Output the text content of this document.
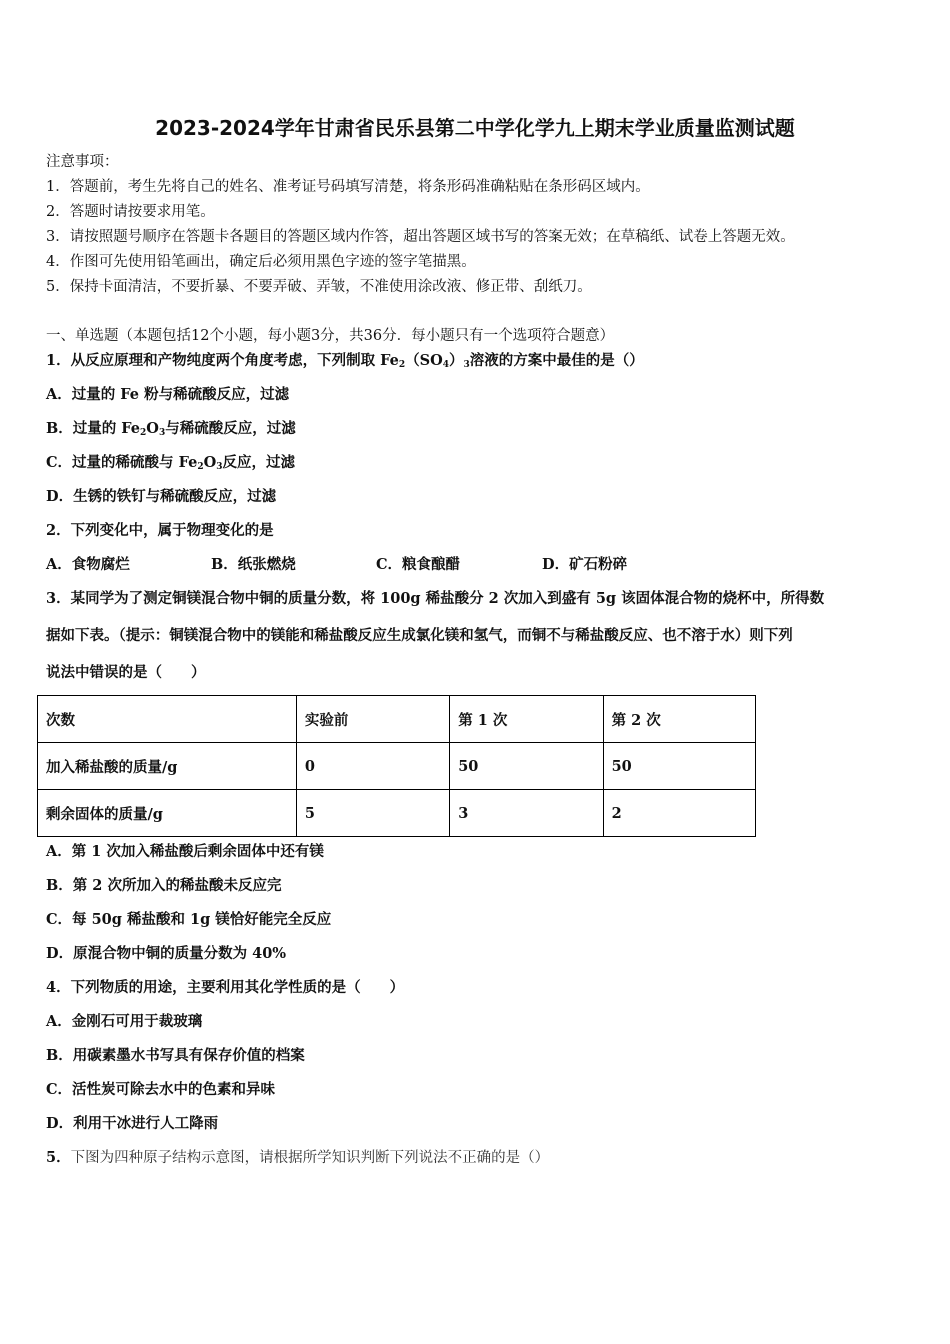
2023-2024学年甘肃省民乐县第二中学化学九上期末学业质量监测试题
注意事项：
1．答题前，考生先将自己的姓名、准考证号码填写清楚，将条形码准确粘贴在条形码区域内。
2．答题时请按要求用笔。
3．请按照题号顺序在答题卡各题目的答题区域内作答，超出答题区域书写的答案无效；在草稿纸、试卷上答题无效。
4．作图可先使用铅笔画出，确定后必须用黑色字迹的签字笔描黑。
5．保持卡面清洁，不要折暴、不要弄破、弄皱，不准使用涂改液、修正带、刮纸刀。
一、单选题（本题包括12个小题，每小题3分，共36分．每小题只有一个选项符合题意）
1．从反应原理和产物纯度两个角度考虑，下列制取 $Fe_2(SO_4)_3$溶液的方案中最佳的是（）
A．过量的 Fe 粉与稀硫酸反应，过滤
B．过量的 $Fe_2O_3$与稀硫酸反应，过滤
C．过量的稀硫酸与 $Fe_2O_3$反应，过滤
D．生锈的铁钉与稀硫酸反应，过滤
2．下列变化中，属于物理变化的是
A．食物腐烂	B．纸张燃烧	C．粮食酿醋	D．矿石粉碎
3．某同学为了测定铜镁混合物中铜的质量分数，将 100g 稀盐酸分 2 次加入到盛有 5g 该固体混合物的烧杯中，所得数
据如下表。（提示：铜镁混合物中的镁能和稀盐酸反应生成氯化镁和氢气，而铜不与稀盐酸反应、也不溶于水）则下列
说法中错误的是（　　）
次数	实验前	第 1 次	第 2 次
加入稀盐酸的质量/g	0	50	50
剩余固体的质量/g	5	3	2
A．第 1 次加入稀盐酸后剩余固体中还有镁
B．第 2 次所加入的稀盐酸未反应完
C．每 50g 稀盐酸和 1g 镁恰好能完全反应
D．原混合物中铜的质量分数为 40%
4．下列物质的用途，主要利用其化学性质的是（　　）
A．金刚石可用于裁玻璃
B．用碳素墨水书写具有保存价值的档案
C．活性炭可除去水中的色素和异味
D．利用干冰进行人工降雨
5．下图为四种原子结构示意图，请根据所学知识判断下列说法不正确的是（）
